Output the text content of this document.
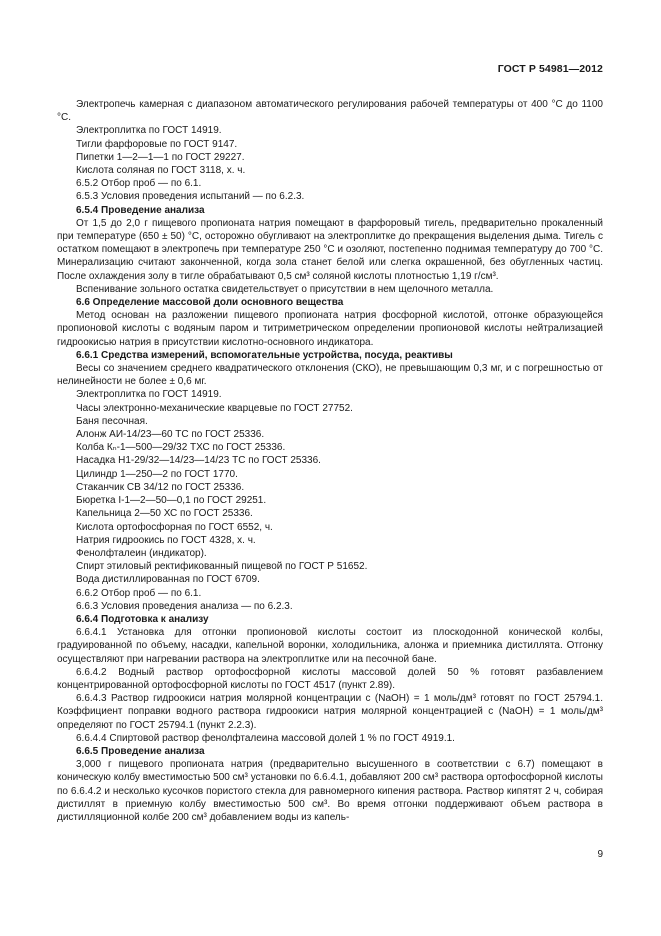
ГОСТ Р 54981—2012

Электропечь камерная с диапазоном автоматического регулирования рабочей температуры от 400 °С до 1100 °С.

Электроплитка по ГОСТ 14919.

Тигли фарфоровые по ГОСТ 9147.

Пипетки 1—2—1—1 по ГОСТ 29227.

Кислота соляная по ГОСТ 3118, х. ч.

6.5.2 Отбор проб — по 6.1.

6.5.3 Условия проведения испытаний — по 6.2.3.

6.5.4 Проведение анализа

От 1,5 до 2,0 г пищевого пропионата натрия помещают в фарфоровый тигель, предварительно прокаленный при температуре (650 ± 50) °С, осторожно обугливают на электроплитке до прекращения выделения дыма. Тигель с остатком помещают в электропечь при температуре 250 °С и озоляют, постепенно поднимая температуру до 700 °С. Минерализацию считают законченной, когда зола станет белой или слегка окрашенной, без обугленных частиц. После охлаждения золу в тигле обрабатывают 0,5 см³ соляной кислоты плотностью 1,19 г/см³.

Вспенивание зольного остатка свидетельствует о присутствии в нем щелочного металла.

6.6 Определение массовой доли основного вещества

Метод основан на разложении пищевого пропионата натрия фосфорной кислотой, отгонке образующейся пропионовой кислоты с водяным паром и титриметрическом определении пропионовой кислоты нейтрализацией гидроокисью натрия в присутствии кислотно-основного индикатора.

6.6.1 Средства измерений, вспомогательные устройства, посуда, реактивы

Весы со значением среднего квадратического отклонения (СКО), не превышающим 0,3 мг, и с погрешностью от нелинейности не более ± 0,6 мг.

Электроплитка по ГОСТ 14919.

Часы электронно-механические кварцевые по ГОСТ 27752.

Баня песочная.

Алонж АИ-14/23—60 ТС по ГОСТ 25336.

Колба Кₙ-1—500—29/32 ТХС по ГОСТ 25336.

Насадка Н1-29/32—14/23—14/23 ТС по ГОСТ 25336.

Цилиндр 1—250—2 по ГОСТ 1770.

Стаканчик СВ 34/12 по ГОСТ 25336.

Бюретка I-1—2—50—0,1 по ГОСТ 29251.

Капельница 2—50 ХС по ГОСТ 25336.

Кислота ортофосфорная по ГОСТ 6552, ч.

Натрия гидроокись по ГОСТ 4328, х. ч.

Фенолфталеин (индикатор).

Спирт этиловый ректификованный пищевой по ГОСТ Р 51652.

Вода дистиллированная по ГОСТ 6709.

6.6.2 Отбор проб — по 6.1.

6.6.3 Условия проведения анализа — по 6.2.3.

6.6.4 Подготовка к анализу

6.6.4.1 Установка для отгонки пропионовой кислоты состоит из плоскодонной конической колбы, градуированной по объему, насадки, капельной воронки, холодильника, алонжа и приемника дистиллята. Отгонку осуществляют при нагревании раствора на электроплитке или на песочной бане.

6.6.4.2 Водный раствор ортофосфорной кислоты массовой долей 50 % готовят разбавлением концентрированной ортофосфорной кислоты по ГОСТ 4517 (пункт 2.89).

6.6.4.3 Раствор гидроокиси натрия молярной концентрации с (NaOH) = 1 моль/дм³ готовят по ГОСТ 25794.1. Коэффициент поправки водного раствора гидроокиси натрия молярной концентрацией с (NaOH) = 1 моль/дм³ определяют по ГОСТ 25794.1 (пункт 2.2.3).

6.6.4.4 Спиртовой раствор фенолфталеина массовой долей 1 % по ГОСТ 4919.1.

6.6.5 Проведение анализа

3,000 г пищевого пропионата натрия (предварительно высушенного в соответствии с 6.7) помещают в коническую колбу вместимостью 500 см³ установки по 6.6.4.1, добавляют 200 см³ раствора ортофосфорной кислоты по 6.6.4.2 и несколько кусочков пористого стекла для равномерного кипения раствора. Раствор кипятят 2 ч, собирая дистиллят в приемную колбу вместимостью 500 см³. Во время отгонки поддерживают объем раствора в дистилляционной колбе 200 см³ добавлением воды из капель-

9
